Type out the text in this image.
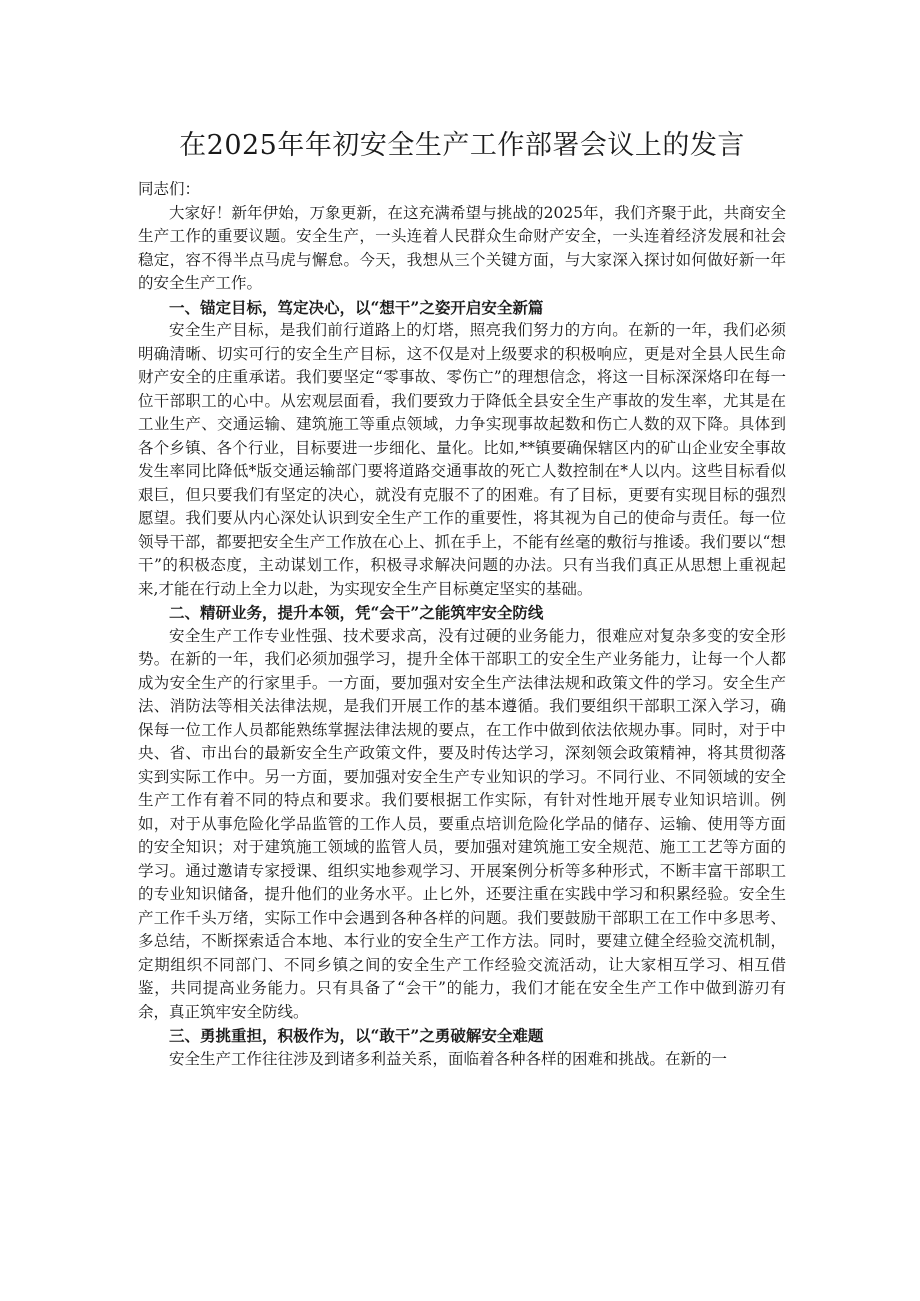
在2025年年初安全生产工作部署会议上的发言

同志们：

大家好！新年伊始，万象更新，在这充满希望与挑战的2025年，我们齐聚于此，共商安全生产工作的重要议题。安全生产，一头连着人民群众生命财产安全，一头连着经济发展和社会稳定，容不得半点马虎与懈怠。今天，我想从三个关键方面，与大家深入探讨如何做好新一年的安全生产工作。

一、锚定目标，笃定决心，以“想干”之姿开启安全新篇

安全生产目标，是我们前行道路上的灯塔，照亮我们努力的方向。在新的一年，我们必须明确清晰、切实可行的安全生产目标，这不仅是对上级要求的积极响应，更是对全县人民生命财产安全的庄重承诺。我们要坚定“零事故、零伤亡”的理想信念，将这一目标深深烙印在每一位干部职工的心中。从宏观层面看，我们要致力于降低全县安全生产事故的发生率，尤其是在工业生产、交通运输、建筑施工等重点领域，力争实现事故起数和伤亡人数的双下降。具体到各个乡镇、各个行业，目标要进一步细化、量化。比如,**镇要确保辖区内的矿山企业安全事故发生率同比降低*版交通运输部门要将道路交通事故的死亡人数控制在*人以内。这些目标看似艰巨，但只要我们有坚定的决心，就没有克服不了的困难。有了目标，更要有实现目标的强烈愿望。我们要从内心深处认识到安全生产工作的重要性，将其视为自己的使命与责任。每一位领导干部，都要把安全生产工作放在心上、抓在手上，不能有丝毫的敷衍与推诿。我们要以“想干”的积极态度，主动谋划工作，积极寻求解决问题的办法。只有当我们真正从思想上重视起来,才能在行动上全力以赴，为实现安全生产目标奠定坚实的基础。

二、精研业务，提升本领，凭“会干”之能筑牢安全防线

安全生产工作专业性强、技术要求高，没有过硬的业务能力，很难应对复杂多变的安全形势。在新的一年，我们必须加强学习，提升全体干部职工的安全生产业务能力，让每一个人都成为安全生产的行家里手。一方面，要加强对安全生产法律法规和政策文件的学习。安全生产法、消防法等相关法律法规，是我们开展工作的基本遵循。我们要组织干部职工深入学习，确保每一位工作人员都能熟练掌握法律法规的要点，在工作中做到依法依规办事。同时，对于中央、省、市出台的最新安全生产政策文件，要及时传达学习，深刻领会政策精神，将其贯彻落实到实际工作中。另一方面，要加强对安全生产专业知识的学习。不同行业、不同领域的安全生产工作有着不同的特点和要求。我们要根据工作实际，有针对性地开展专业知识培训。例如，对于从事危险化学品监管的工作人员，要重点培训危险化学品的储存、运输、使用等方面的安全知识；对于建筑施工领域的监管人员，要加强对建筑施工安全规范、施工工艺等方面的学习。通过邀请专家授课、组织实地参观学习、开展案例分析等多种形式，不断丰富干部职工的专业知识储备，提升他们的业务水平。止匕外，还要注重在实践中学习和积累经验。安全生产工作千头万绪，实际工作中会遇到各种各样的问题。我们要鼓励干部职工在工作中多思考、多总结，不断探索适合本地、本行业的安全生产工作方法。同时，要建立健全经验交流机制，定期组织不同部门、不同乡镇之间的安全生产工作经验交流活动，让大家相互学习、相互借鉴，共同提高业务能力。只有具备了“会干”的能力，我们才能在安全生产工作中做到游刃有余，真正筑牢安全防线。

三、勇挑重担，积极作为，以“敢干”之勇破解安全难题

安全生产工作往往涉及到诸多利益关系，面临着各种各样的困难和挑战。在新的一
